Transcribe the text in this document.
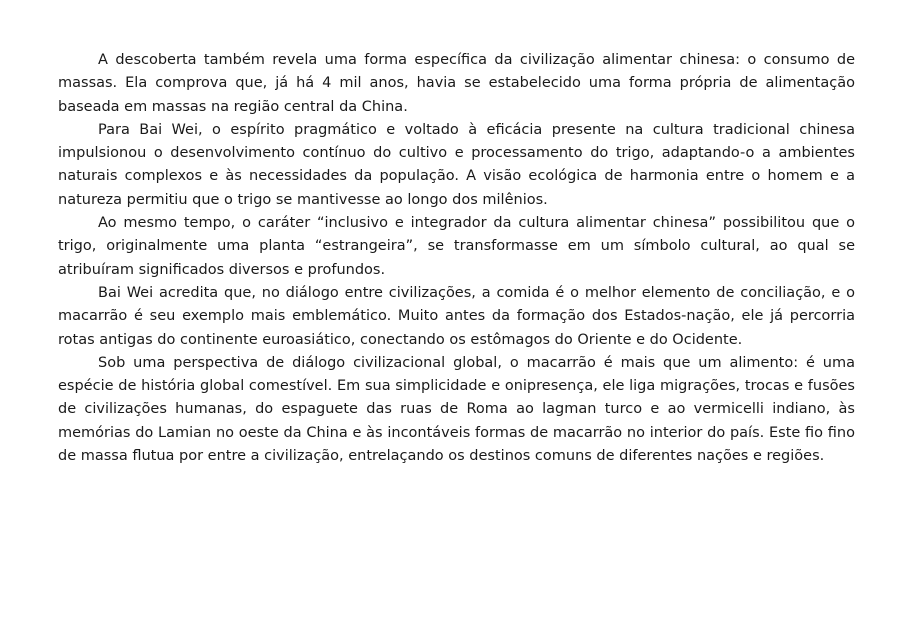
A descoberta também revela uma forma específica da civilização alimentar chinesa: o consumo de massas. Ela comprova que, já há 4 mil anos, havia se estabelecido uma forma própria de alimentação baseada em massas na região central da China.

Para Bai Wei, o espírito pragmático e voltado à eficácia presente na cultura tradicional chinesa impulsionou o desenvolvimento contínuo do cultivo e processamento do trigo, adaptando-o a ambientes naturais complexos e às necessidades da população. A visão ecológica de harmonia entre o homem e a natureza permitiu que o trigo se mantivesse ao longo dos milênios.

Ao mesmo tempo, o caráter “inclusivo e integrador da cultura alimentar chinesa” possibilitou que o trigo, originalmente uma planta “estrangeira”, se transformasse em um símbolo cultural, ao qual se atribuíram significados diversos e profundos.

Bai Wei acredita que, no diálogo entre civilizações, a comida é o melhor elemento de conciliação, e o macarrão é seu exemplo mais emblemático. Muito antes da formação dos Estados-nação, ele já percorria rotas antigas do continente euroasiático, conectando os estômagos do Oriente e do Ocidente.

Sob uma perspectiva de diálogo civilizacional global, o macarrão é mais que um alimento: é uma espécie de história global comestível. Em sua simplicidade e onipresença, ele liga migrações, trocas e fusões de civilizações humanas, do espaguete das ruas de Roma ao lagman turco e ao vermicelli indiano, às memórias do Lamian no oeste da China e às incontáveis formas de macarrão no interior do país. Este fio fino de massa flutua por entre a civilização, entrelaçando os destinos comuns de diferentes nações e regiões.
